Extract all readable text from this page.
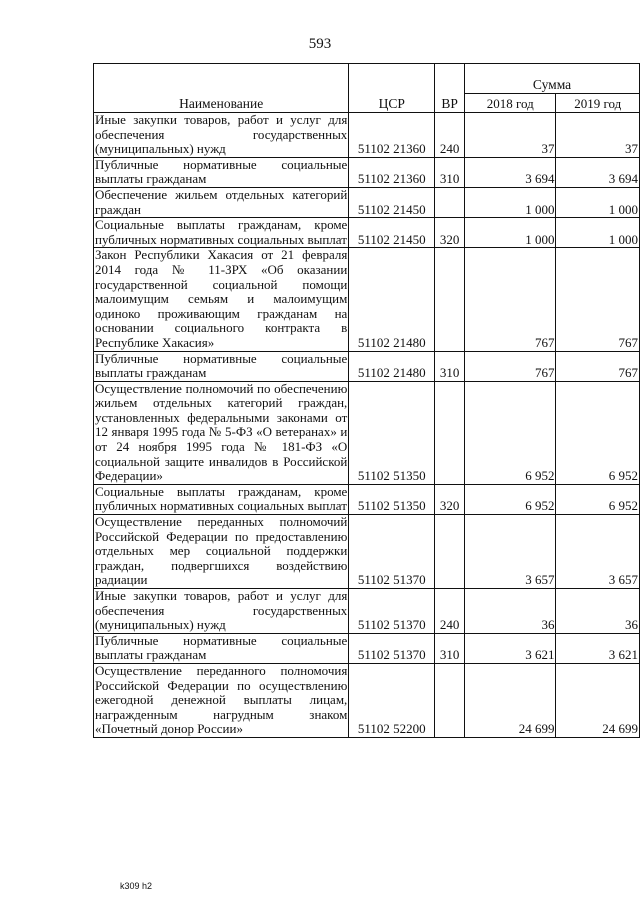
593
Наименование	ЦСР	ВР	Сумма	
			2018 год	2019 год
Иные закупки товаров, работ и услуг для обеспечения государственных (муниципальных) нужд	51102 21360	240	37	37
Публичные нормативные социальные выплаты гражданам	51102 21360	310	3 694	3 694
Обеспечение жильем отдельных категорий граждан	51102 21450		1 000	1 000
Социальные выплаты гражданам, кроме публичных нормативных социальных выплат	51102 21450	320	1 000	1 000
Закон Республики Хакасия от 21 февраля 2014 года № 11-ЗРХ «Об оказании государственной социальной помощи малоимущим семьям и малоимущим одиноко проживающим гражданам на основании социального контракта в Республике Хакасия»	51102 21480		767	767
Публичные нормативные социальные выплаты гражданам	51102 21480	310	767	767
Осуществление полномочий по обеспечению жильем отдельных категорий граждан, установленных федеральными законами от 12 января 1995 года № 5-ФЗ «О ветеранах» и от 24 ноября 1995 года № 181-ФЗ «О социальной защите инвалидов в Российской Федерации»	51102 51350		6 952	6 952
Социальные выплаты гражданам, кроме публичных нормативных социальных выплат	51102 51350	320	6 952	6 952
Осуществление переданных полномочий Российской Федерации по предоставлению отдельных мер социальной поддержки граждан, подвергшихся воздействию радиации	51102 51370		3 657	3 657
Иные закупки товаров, работ и услуг для обеспечения государственных (муниципальных) нужд	51102 51370	240	36	36
Публичные нормативные социальные выплаты гражданам	51102 51370	310	3 621	3 621
Осуществление переданного полномочия Российской Федерации по осуществлению ежегодной денежной выплаты лицам, награжденным нагрудным знаком «Почетный донор России»	51102 52200		24 699	24 699
k309 h2
